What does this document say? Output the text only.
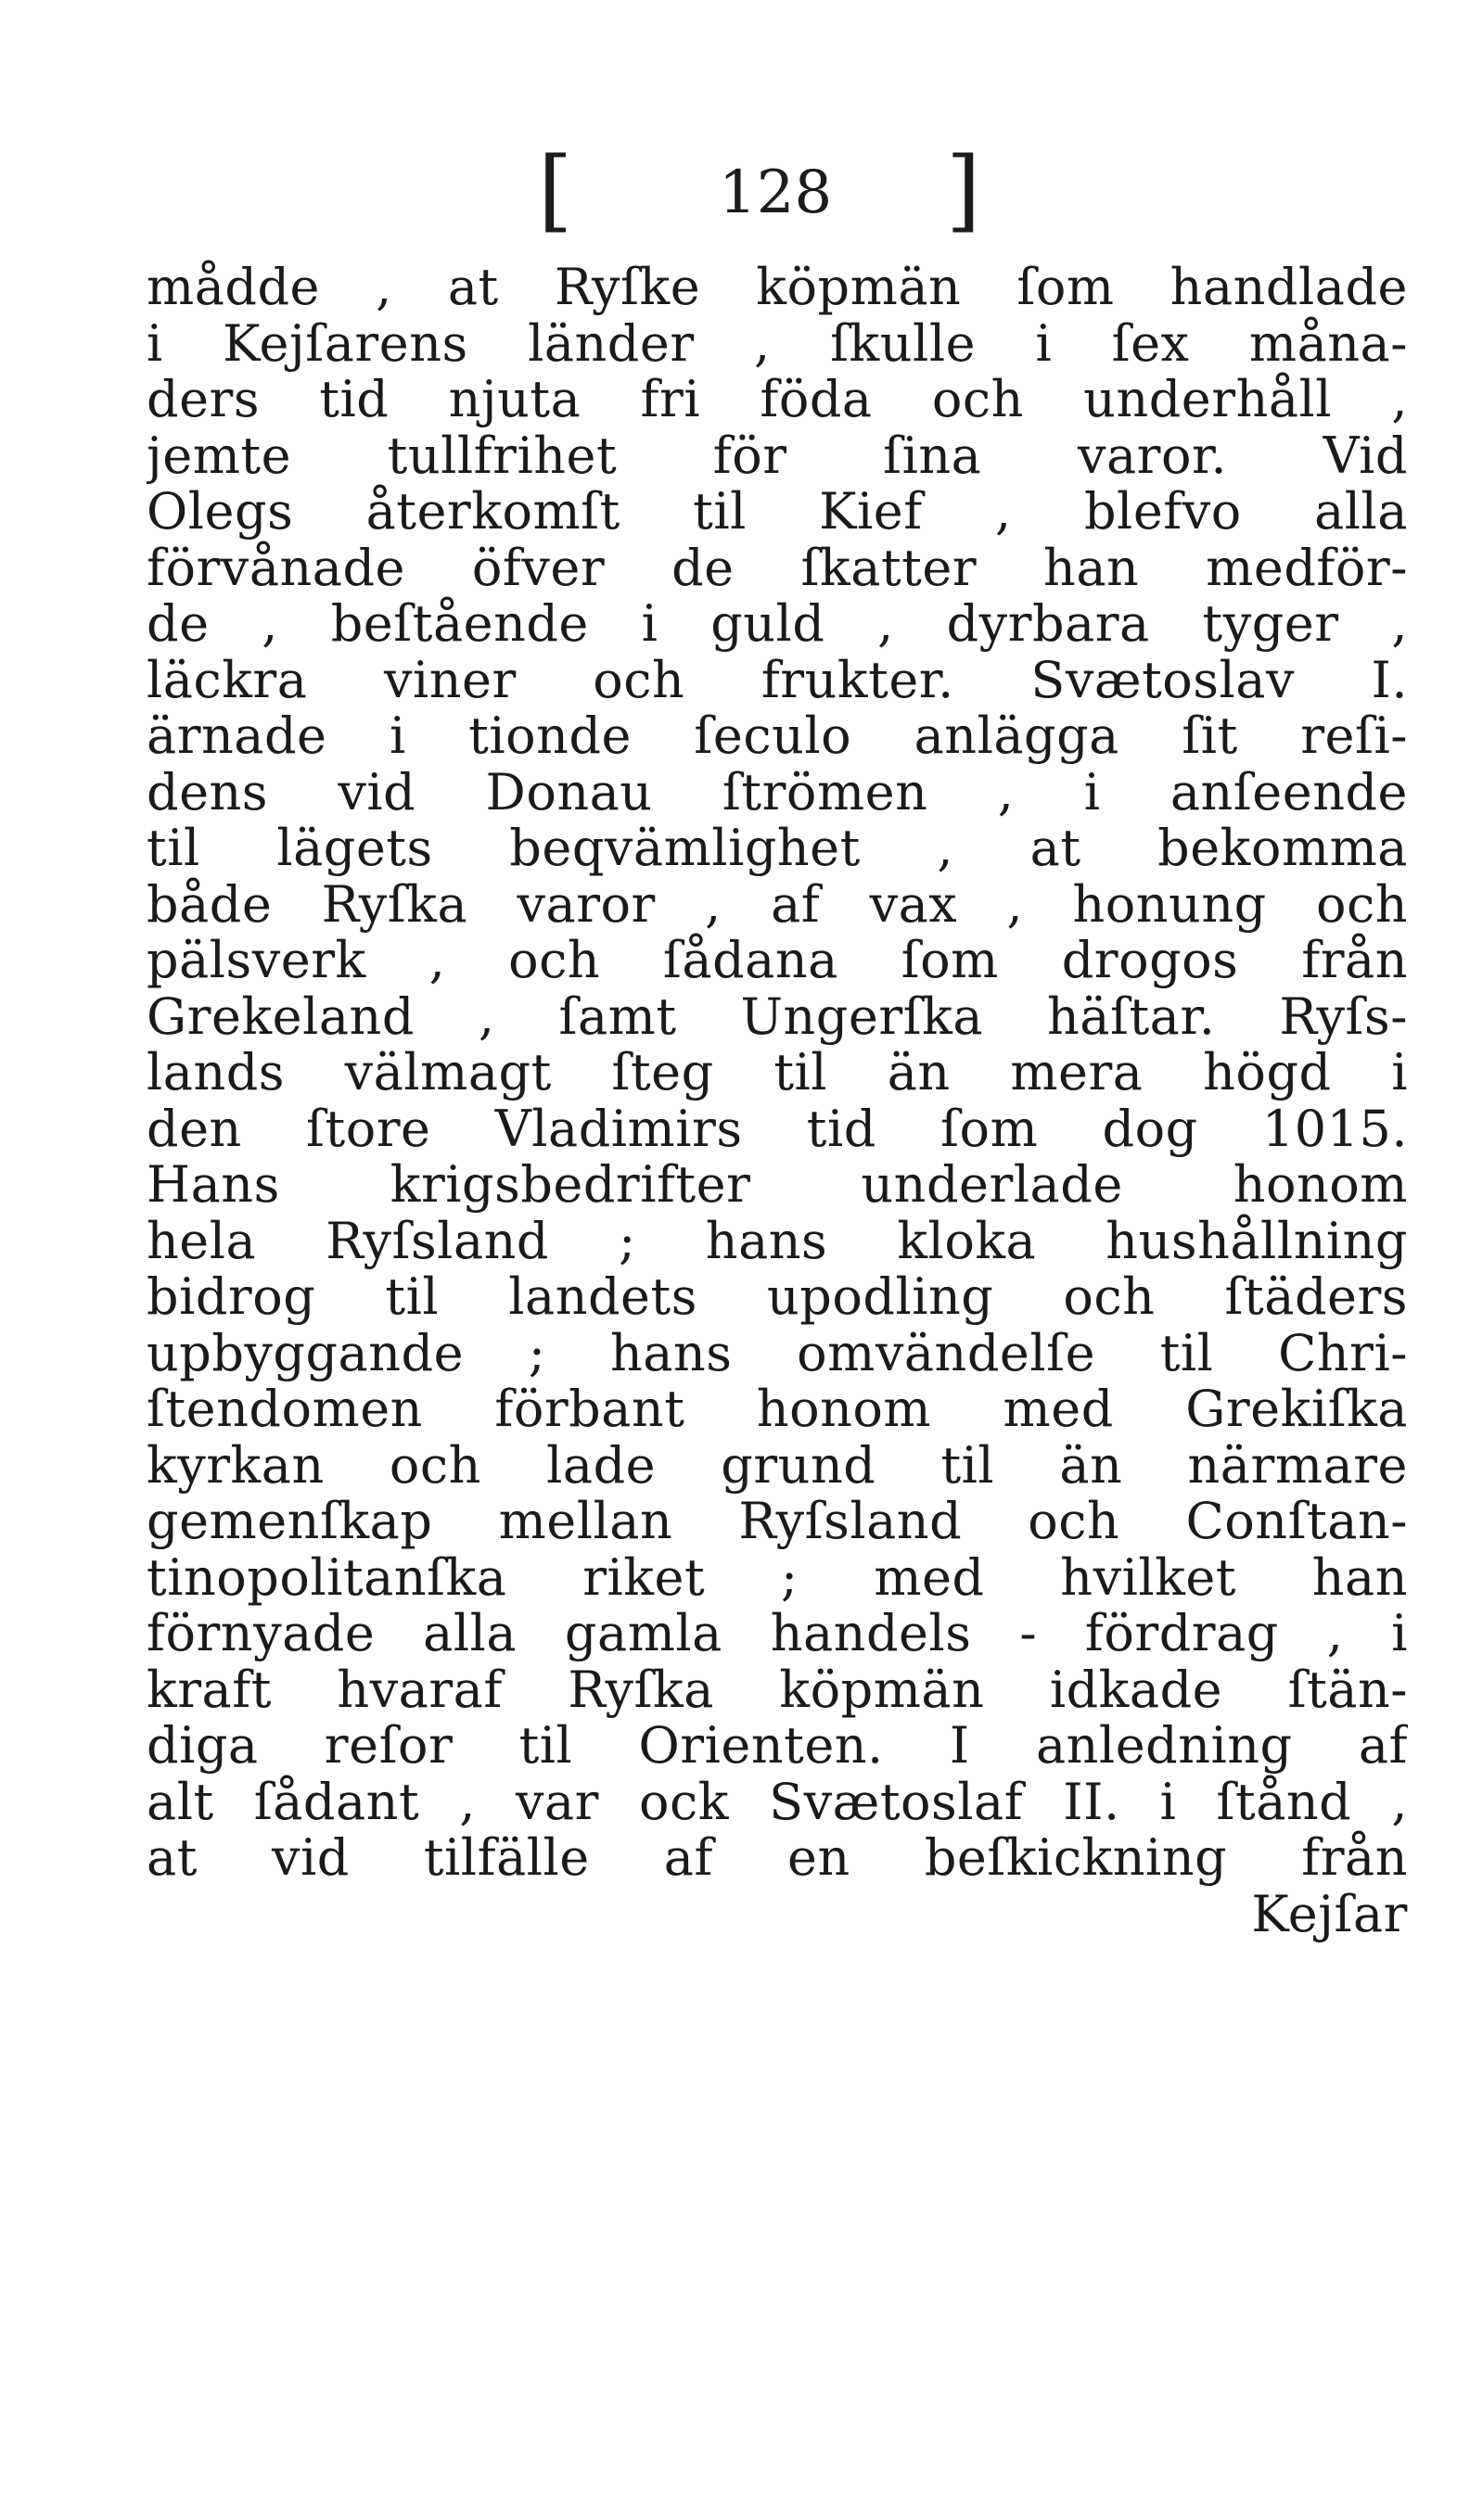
[ 128 ]
mådde , at Ryſke köpmän ſom handlade
i Kejſarens länder , ſkulle i ſex måna-
ders tid njuta fri föda och underhåll ,
jemte tullfrihet för ſina varor. Vid
Olegs återkomſt til Kief , blefvo alla
förvånade öfver de ſkatter han medför-
de , beſtående i guld , dyrbara tyger ,
läckra viner och frukter. Svætoslav I.
ärnade i tionde ſeculo anlägga ſit reſi-
dens vid Donau ſtrömen , i anſeende
til lägets beqvämlighet , at bekomma
både Ryſka varor , af vax , honung och
pälsverk , och ſådana ſom drogos från
Grekeland , ſamt Ungerſka häſtar. Ryſs-
lands välmagt ſteg til än mera högd i
den ſtore Vladimirs tid ſom dog 1015.
Hans krigsbedrifter underlade honom
hela Ryſsland ; hans kloka hushållning
bidrog til landets upodling och ſtäders
upbyggande ; hans omvändelſe til Chri-
ſtendomen förbant honom med Grekiſka
kyrkan och lade grund til än närmare
gemenſkap mellan Ryſsland och Conſtan-
tinopolitanſka riket ; med hvilket han
förnyade alla gamla handels - fördrag , i
kraft hvaraf Ryſka köpmän idkade ſtän-
diga reſor til Orienten. I anledning af
alt ſådant , var ock Svætoslaf II. i ſtånd ,
at vid tilfälle af en beſkickning från
Kejſar
